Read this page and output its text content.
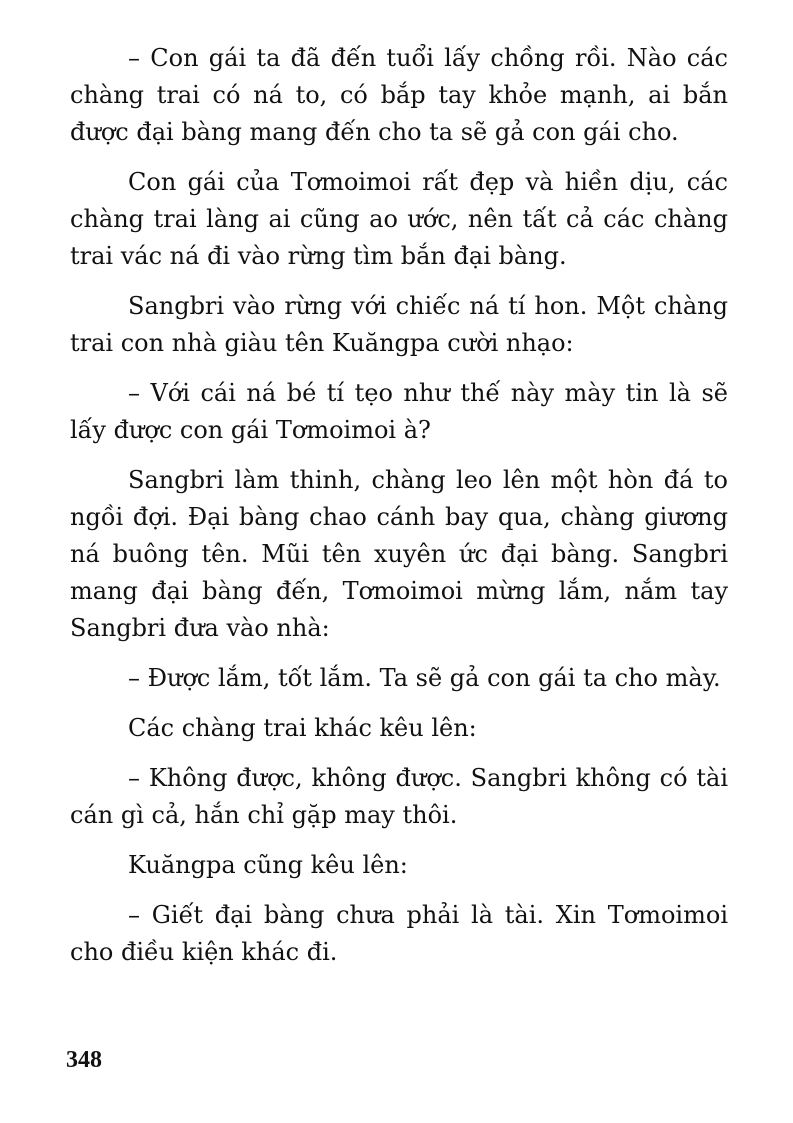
– Con gái ta đã đến tuổi lấy chồng rồi. Nào các chàng trai có ná to, có bắp tay khỏe mạnh, ai bắn được đại bàng mang đến cho ta sẽ gả con gái cho.

Con gái của Tơmoimoi rất đẹp và hiền dịu, các chàng trai làng ai cũng ao ước, nên tất cả các chàng trai vác ná đi vào rừng tìm bắn đại bàng.

Sangbri vào rừng với chiếc ná tí hon. Một chàng trai con nhà giàu tên Kuăngpa cười nhạo:

– Với cái ná bé tí tẹo như thế này mày tin là sẽ lấy được con gái Tơmoimoi à?

Sangbri làm thinh, chàng leo lên một hòn đá to ngồi đợi. Đại bàng chao cánh bay qua, chàng giương ná buông tên. Mũi tên xuyên ức đại bàng. Sangbri mang đại bàng đến, Tơmoimoi mừng lắm, nắm tay Sangbri đưa vào nhà:

– Được lắm, tốt lắm. Ta sẽ gả con gái ta cho mày.

Các chàng trai khác kêu lên:

– Không được, không được. Sangbri không có tài cán gì cả, hắn chỉ gặp may thôi.

Kuăngpa cũng kêu lên:

– Giết đại bàng chưa phải là tài. Xin Tơmoimoi cho điều kiện khác đi.

348
